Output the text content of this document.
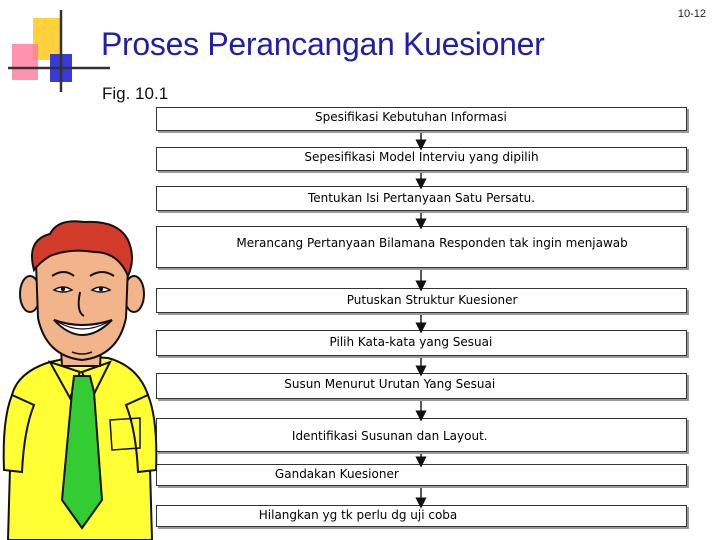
10-12
Proses Perancangan Kuesioner
Fig. 10.1
Spesifikasi Kebutuhan Informasi
Sepesifikasi Model Interviu yang dipilih
Tentukan Isi Pertanyaan Satu Persatu.
Merancang Pertanyaan Bilamana Responden tak ingin menjawab
Putuskan Struktur Kuesioner
Pilih Kata-kata yang Sesuai
Susun Menurut Urutan Yang Sesuai
Identifikasi Susunan dan Layout.
Gandakan Kuesioner
Hilangkan yg tk perlu dg uji coba
